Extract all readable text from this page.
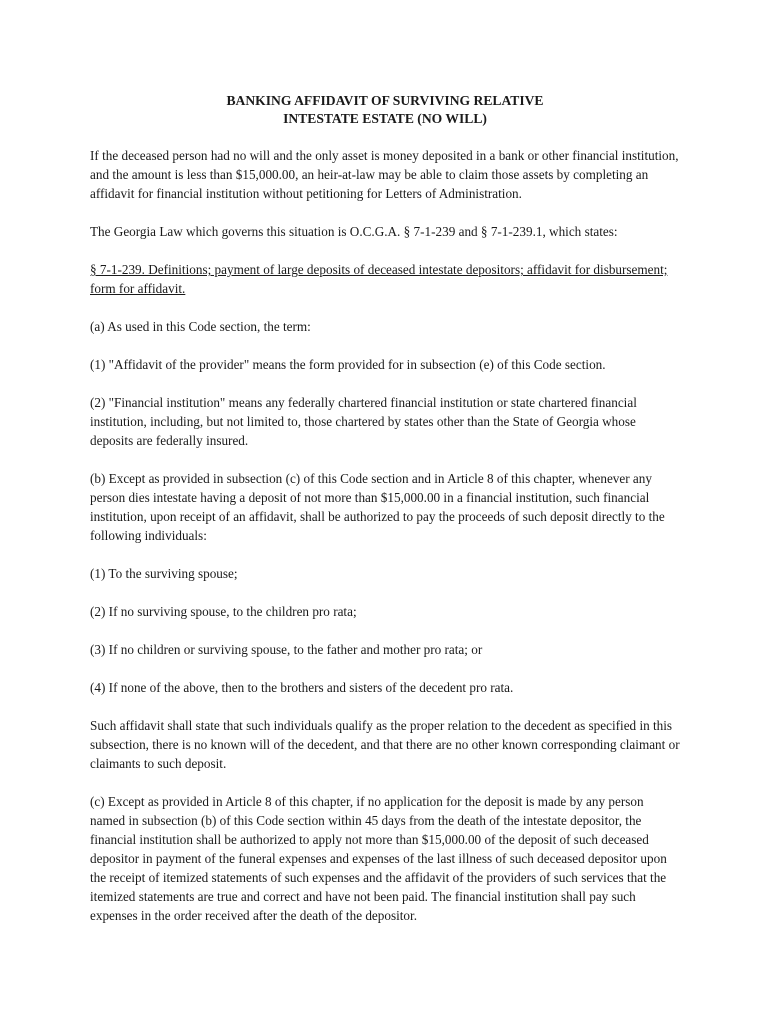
BANKING AFFIDAVIT OF SURVIVING RELATIVE
INTESTATE ESTATE (NO WILL)

If the deceased person had no will and the only asset is money deposited in a bank or other financial institution, and the amount is less than $15,000.00, an heir-at-law may be able to claim those assets by completing an affidavit for financial institution without petitioning for Letters of Administration.

The Georgia Law which governs this situation is O.C.G.A. § 7-1-239 and § 7-1-239.1, which states:

§ 7-1-239. Definitions; payment of large deposits of deceased intestate depositors; affidavit for disbursement; form for affidavit.

(a) As used in this Code section, the term:

(1) "Affidavit of the provider" means the form provided for in subsection (e) of this Code section.

(2) "Financial institution" means any federally chartered financial institution or state chartered financial institution, including, but not limited to, those chartered by states other than the State of Georgia whose deposits are federally insured.

(b) Except as provided in subsection (c) of this Code section and in Article 8 of this chapter, whenever any person dies intestate having a deposit of not more than $15,000.00 in a financial institution, such financial institution, upon receipt of an affidavit, shall be authorized to pay the proceeds of such deposit directly to the following individuals:

(1) To the surviving spouse;

(2) If no surviving spouse, to the children pro rata;

(3) If no children or surviving spouse, to the father and mother pro rata; or

(4) If none of the above, then to the brothers and sisters of the decedent pro rata.

Such affidavit shall state that such individuals qualify as the proper relation to the decedent as specified in this subsection, there is no known will of the decedent, and that there are no other known corresponding claimant or claimants to such deposit.

(c) Except as provided in Article 8 of this chapter, if no application for the deposit is made by any person named in subsection (b) of this Code section within 45 days from the death of the intestate depositor, the financial institution shall be authorized to apply not more than $15,000.00 of the deposit of such deceased depositor in payment of the funeral expenses and expenses of the last illness of such deceased depositor upon the receipt of itemized statements of such expenses and the affidavit of the providers of such services that the itemized statements are true and correct and have not been paid. The financial institution shall pay such expenses in the order received after the death of the depositor.
